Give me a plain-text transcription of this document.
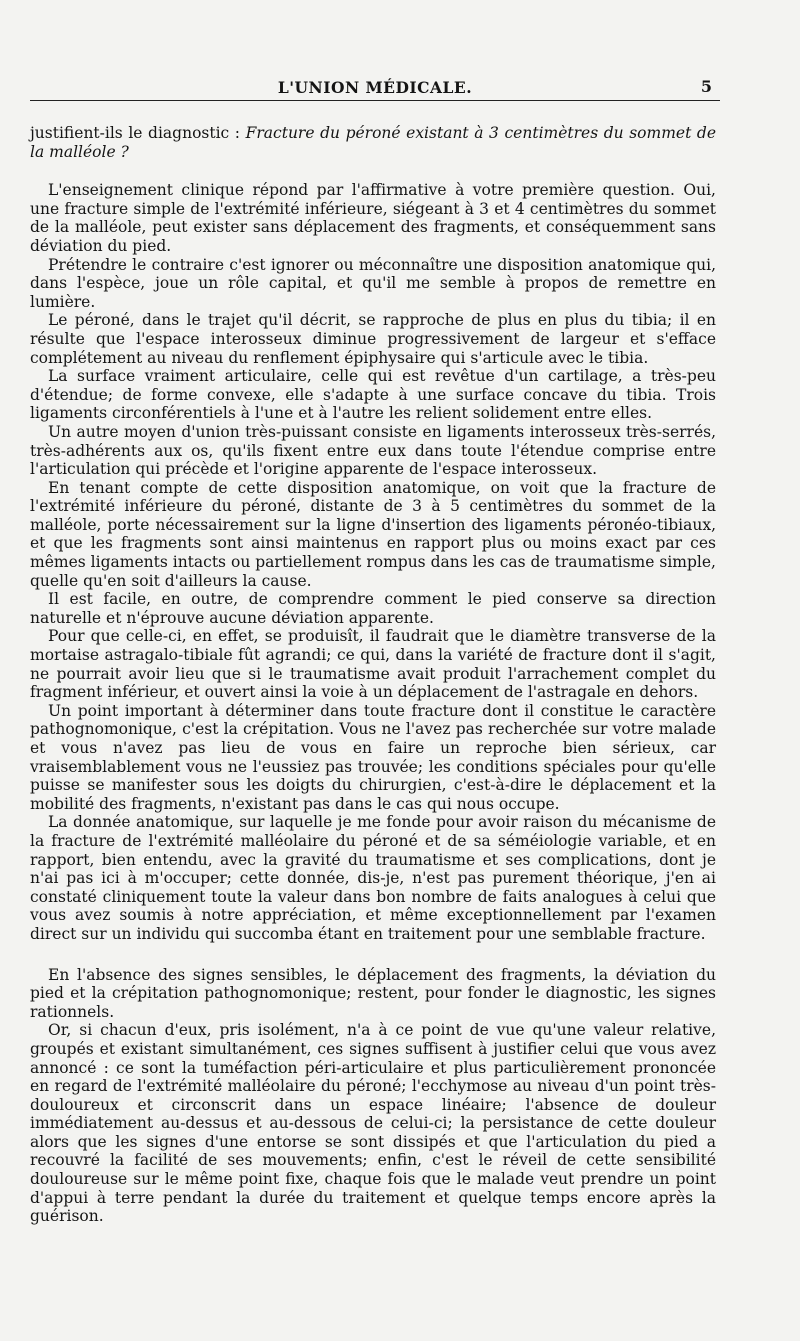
L'UNION MÉDICALE.	5

justifient-ils le diagnostic : Fracture du péroné existant à 3 centimètres du sommet de la malléole ?

L'enseignement clinique répond par l'affirmative à votre première question. Oui, une fracture simple de l'extrémité inférieure, siégeant à 3 et 4 centimètres du sommet de la malléole, peut exister sans déplacement des fragments, et conséquemment sans déviation du pied.

Prétendre le contraire c'est ignorer ou méconnaître une disposition anatomique qui, dans l'espèce, joue un rôle capital, et qu'il me semble à propos de remettre en lumière.

Le péroné, dans le trajet qu'il décrit, se rapproche de plus en plus du tibia; il en résulte que l'espace interosseux diminue progressivement de largeur et s'efface complétement au niveau du renflement épiphysaire qui s'articule avec le tibia.

La surface vraiment articulaire, celle qui est revêtue d'un cartilage, a très-peu d'étendue; de forme convexe, elle s'adapte à une surface concave du tibia. Trois ligaments circonférentiels à l'une et à l'autre les relient solidement entre elles.

Un autre moyen d'union très-puissant consiste en ligaments interosseux très-serrés, très-adhérents aux os, qu'ils fixent entre eux dans toute l'étendue comprise entre l'articulation qui précède et l'origine apparente de l'espace interosseux.

En tenant compte de cette disposition anatomique, on voit que la fracture de l'extrémité inférieure du péroné, distante de 3 à 5 centimètres du sommet de la malléole, porte nécessairement sur la ligne d'insertion des ligaments péronéo-tibiaux, et que les fragments sont ainsi maintenus en rapport plus ou moins exact par ces mêmes ligaments intacts ou partiellement rompus dans les cas de traumatisme simple, quelle qu'en soit d'ailleurs la cause.

Il est facile, en outre, de comprendre comment le pied conserve sa direction naturelle et n'éprouve aucune déviation apparente.

Pour que celle-ci, en effet, se produisît, il faudrait que le diamètre transverse de la mortaise astragalo-tibiale fût agrandi; ce qui, dans la variété de fracture dont il s'agit, ne pourrait avoir lieu que si le traumatisme avait produit l'arrachement complet du fragment inférieur, et ouvert ainsi la voie à un déplacement de l'astragale en dehors.

Un point important à déterminer dans toute fracture dont il constitue le caractère pathognomonique, c'est la crépitation. Vous ne l'avez pas recherchée sur votre malade et vous n'avez pas lieu de vous en faire un reproche bien sérieux, car vraisemblablement vous ne l'eussiez pas trouvée; les conditions spéciales pour qu'elle puisse se manifester sous les doigts du chirurgien, c'est-à-dire le déplacement et la mobilité des fragments, n'existant pas dans le cas qui nous occupe.

La donnée anatomique, sur laquelle je me fonde pour avoir raison du mécanisme de la fracture de l'extrémité malléolaire du péroné et de sa séméiologie variable, et en rapport, bien entendu, avec la gravité du traumatisme et ses complications, dont je n'ai pas ici à m'occuper; cette donnée, dis-je, n'est pas purement théorique, j'en ai constaté cliniquement toute la valeur dans bon nombre de faits analogues à celui que vous avez soumis à notre appréciation, et même exceptionnellement par l'examen direct sur un individu qui succomba étant en traitement pour une semblable fracture.

En l'absence des signes sensibles, le déplacement des fragments, la déviation du pied et la crépitation pathognomonique; restent, pour fonder le diagnostic, les signes rationnels.

Or, si chacun d'eux, pris isolément, n'a à ce point de vue qu'une valeur relative, groupés et existant simultanément, ces signes suffisent à justifier celui que vous avez annoncé : ce sont la tuméfaction péri-articulaire et plus particulièrement prononcée en regard de l'extrémité malléolaire du péroné; l'ecchymose au niveau d'un point très-douloureux et circonscrit dans un espace linéaire; l'absence de douleur immédiatement au-dessus et au-dessous de celui-ci; la persistance de cette douleur alors que les signes d'une entorse se sont dissipés et que l'articulation du pied a recouvré la facilité de ses mouvements; enfin, c'est le réveil de cette sensibilité douloureuse sur le même point fixe, chaque fois que le malade veut prendre un point d'appui à terre pendant la durée du traitement et quelque temps encore après la guérison.
